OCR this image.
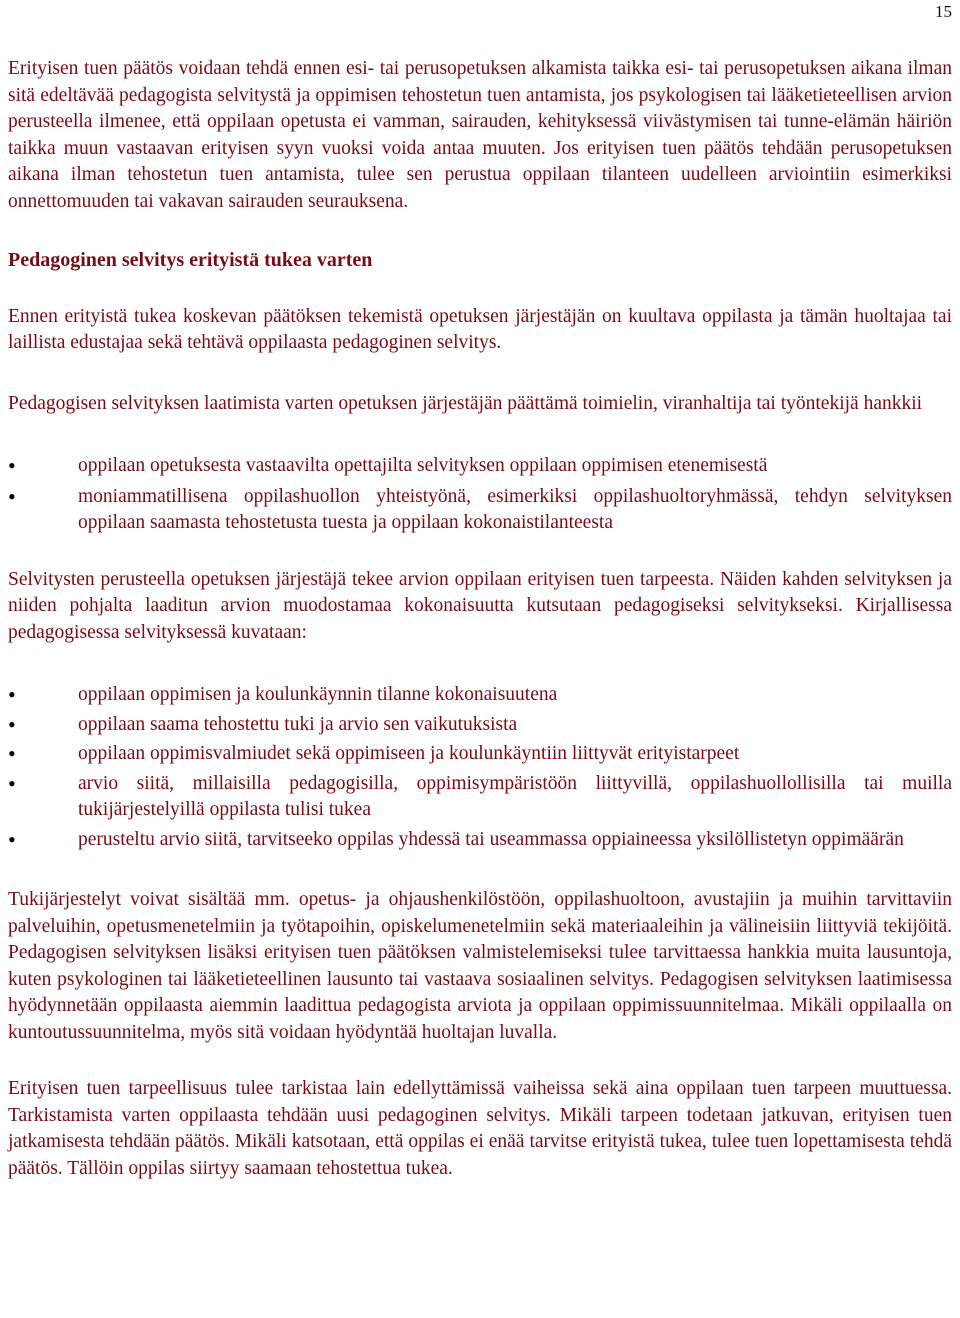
15

Erityisen tuen päätös voidaan tehdä ennen esi- tai perusopetuksen alkamista taikka esi- tai perusopetuksen aikana ilman sitä edeltävää pedagogista selvitystä ja oppimisen tehostetun tuen antamista, jos psykologisen tai lääketieteellisen arvion perusteella ilmenee, että oppilaan opetusta ei vamman, sairauden, kehityksessä viivästymisen tai tunne-elämän häiriön taikka muun vastaavan erityisen syyn vuoksi voida antaa muuten. Jos erityisen tuen päätös tehdään perusopetuksen aikana ilman tehostetun tuen antamista, tulee sen perustua oppilaan tilanteen uudelleen arviointiin esimerkiksi onnettomuuden tai vakavan sairauden seurauksena.

Pedagoginen selvitys erityistä tukea varten

Ennen erityistä tukea koskevan päätöksen tekemistä opetuksen järjestäjän on kuultava oppilasta ja tämän huoltajaa tai laillista edustajaa sekä tehtävä oppilaasta pedagoginen selvitys.

Pedagogisen selvityksen laatimista varten opetuksen järjestäjän päättämä toimielin, viranhaltija tai työntekijä hankkii

• oppilaan opetuksesta vastaavilta opettajilta selvityksen oppilaan oppimisen etenemisestä
• moniammatillisena oppilashuollon yhteistyönä, esimerkiksi oppilashuoltoryhmässä, tehdyn selvityksen oppilaan saamasta tehostetusta tuesta ja oppilaan kokonaistilanteesta

Selvitysten perusteella opetuksen järjestäjä tekee arvion oppilaan erityisen tuen tarpeesta. Näiden kahden selvityksen ja niiden pohjalta laaditun arvion muodostamaa kokonaisuutta kutsutaan pedagogiseksi selvitykseksi. Kirjallisessa pedagogisessa selvityksessä kuvataan:

• oppilaan oppimisen ja koulunkäynnin tilanne kokonaisuutena
• oppilaan saama tehostettu tuki ja arvio sen vaikutuksista
• oppilaan oppimisvalmiudet sekä oppimiseen ja koulunkäyntiin liittyvät erityistarpeet
• arvio siitä, millaisilla pedagogisilla, oppimisympäristöön liittyvillä, oppilashuollollisilla tai muilla tukijärjestelyillä oppilasta tulisi tukea
• perusteltu arvio siitä, tarvitseeko oppilas yhdessä tai useammassa oppiaineessa yksilöllistetyn oppimäärän

Tukijärjestelyt voivat sisältää mm. opetus- ja ohjaushenkilöstöön, oppilashuoltoon, avustajiin ja muihin tarvittaviin palveluihin, opetusmenetelmiin ja työtapoihin, opiskelumenetelmiin sekä materiaaleihin ja välineisiin liittyviä tekijöitä. Pedagogisen selvityksen lisäksi erityisen tuen päätöksen valmistelemiseksi tulee tarvittaessa hankkia muita lausuntoja, kuten psykologinen tai lääketieteellinen lausunto tai vastaava sosiaalinen selvitys. Pedagogisen selvityksen laatimisessa hyödynnetään oppilaasta aiemmin laadittua pedagogista arviota ja oppilaan oppimissuunnitelmaa. Mikäli oppilaalla on kuntoutussuunnitelma, myös sitä voidaan hyödyntää huoltajan luvalla.

Erityisen tuen tarpeellisuus tulee tarkistaa lain edellyttämissä vaiheissa sekä aina oppilaan tuen tarpeen muuttuessa. Tarkistamista varten oppilaasta tehdään uusi pedagoginen selvitys. Mikäli tarpeen todetaan jatkuvan, erityisen tuen jatkamisesta tehdään päätös. Mikäli katsotaan, että oppilas ei enää tarvitse erityistä tukea, tulee tuen lopettamisesta tehdä päätös. Tällöin oppilas siirtyy saamaan tehostettua tukea.
